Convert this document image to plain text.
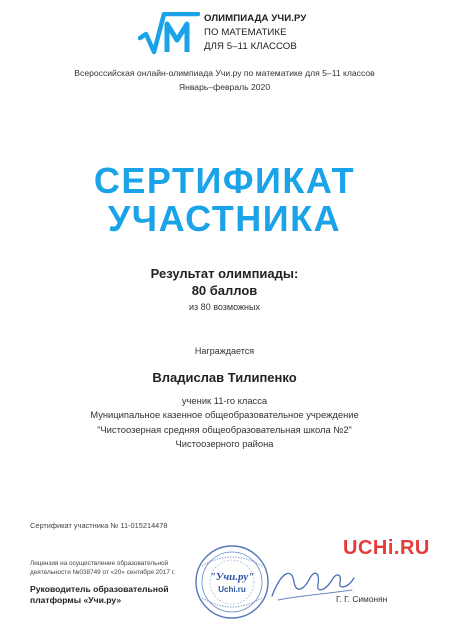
ОЛИМПИАДА УЧИ.РУ
ПО МАТЕМАТИКЕ
ДЛЯ 5–11 КЛАССОВ
Всероссийская онлайн-олимпиада Учи.ру по математике для 5–11 классов
Январь–февраль 2020
СЕРТИФИКАТ
УЧАСТНИКА
Результат олимпиады:
80 баллов
из 80 возможных
Награждается
Владислав Тилипенко
ученик 11-го класса
Муниципальное казенное общеобразовательное учреждение
"Чистоозерная средняя общеобразовательная школа №2"
Чистоозерного района
Сертификат участника № 11-015214478
Лицензия на осуществление образовательной
деятельности №038749 от «20» сентября 2017 г.
Руководитель образовательной
платформы «Учи.ру»
"Учи.ру"
Uchi.ru
UCHi.RU
Г. Г. Симонян
